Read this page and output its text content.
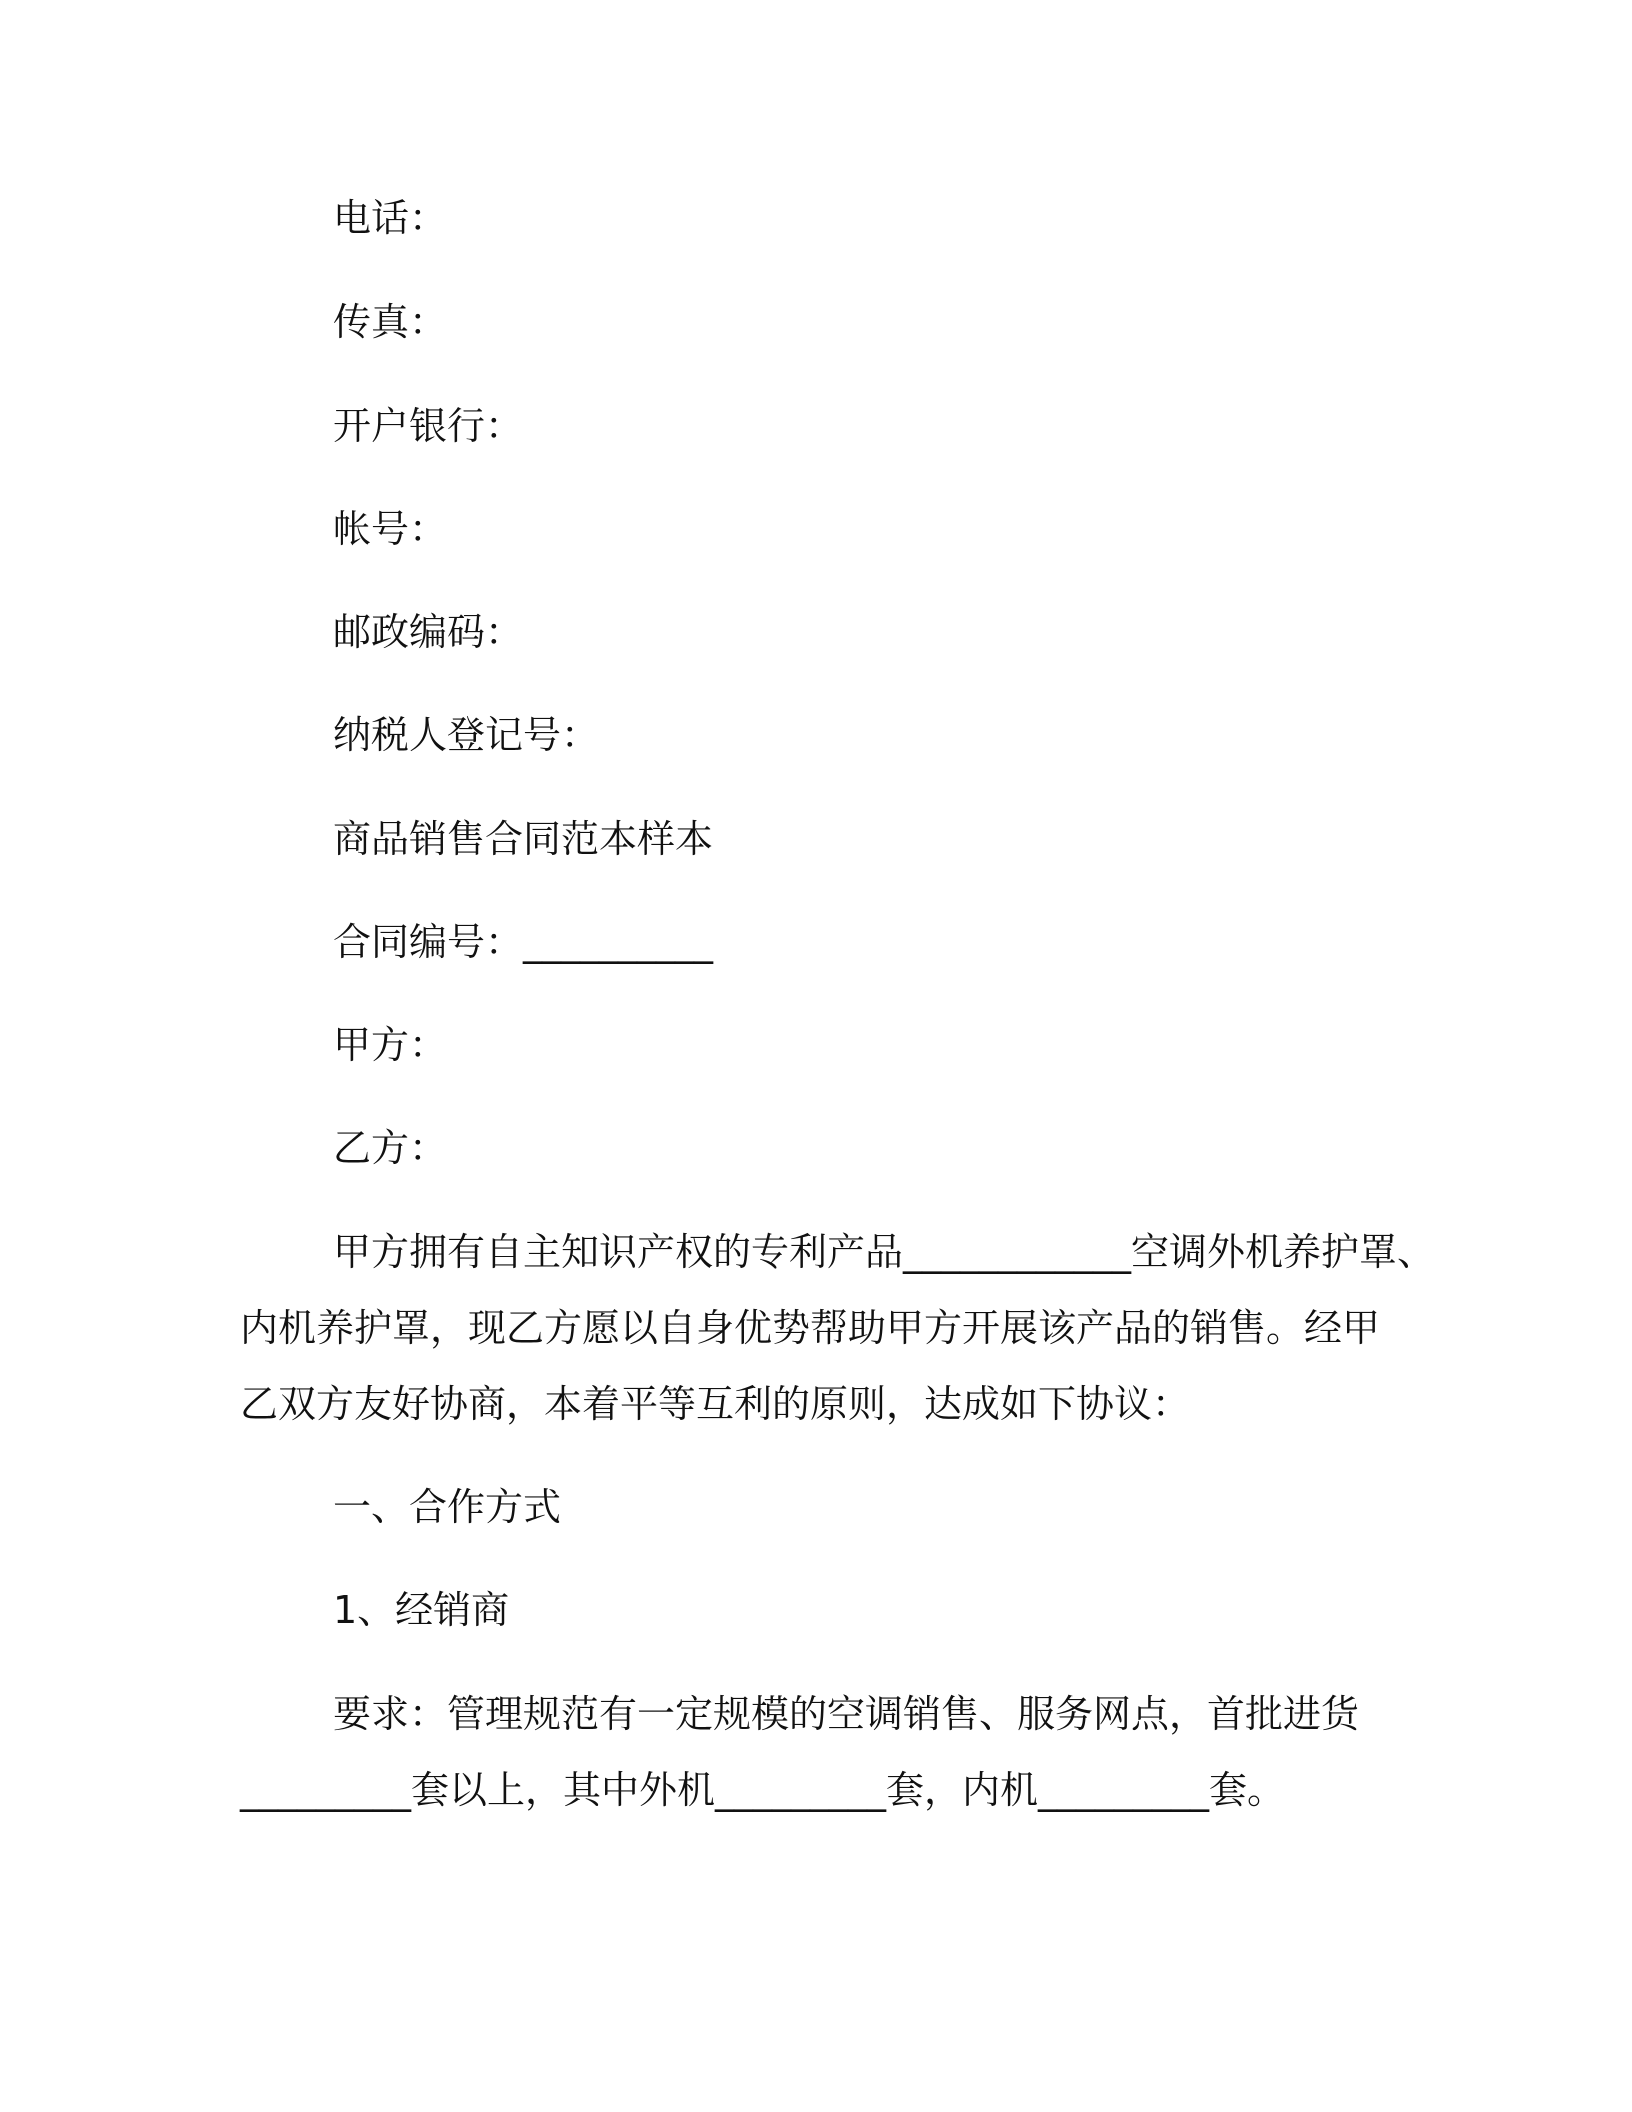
电话：

传真：

开户银行：

帐号：

邮政编码：

纳税人登记号：

商品销售合同范本样本

合同编号：__________

甲方：

乙方：

甲方拥有自主知识产权的专利产品____________空调外机养护罩、

内机养护罩，现乙方愿以自身优势帮助甲方开展该产品的销售。经甲

乙双方友好协商，本着平等互利的原则，达成如下协议：

一、合作方式

1、经销商

要求：管理规范有一定规模的空调销售、服务网点，首批进货

_________套以上，其中外机_________套，内机_________套。
